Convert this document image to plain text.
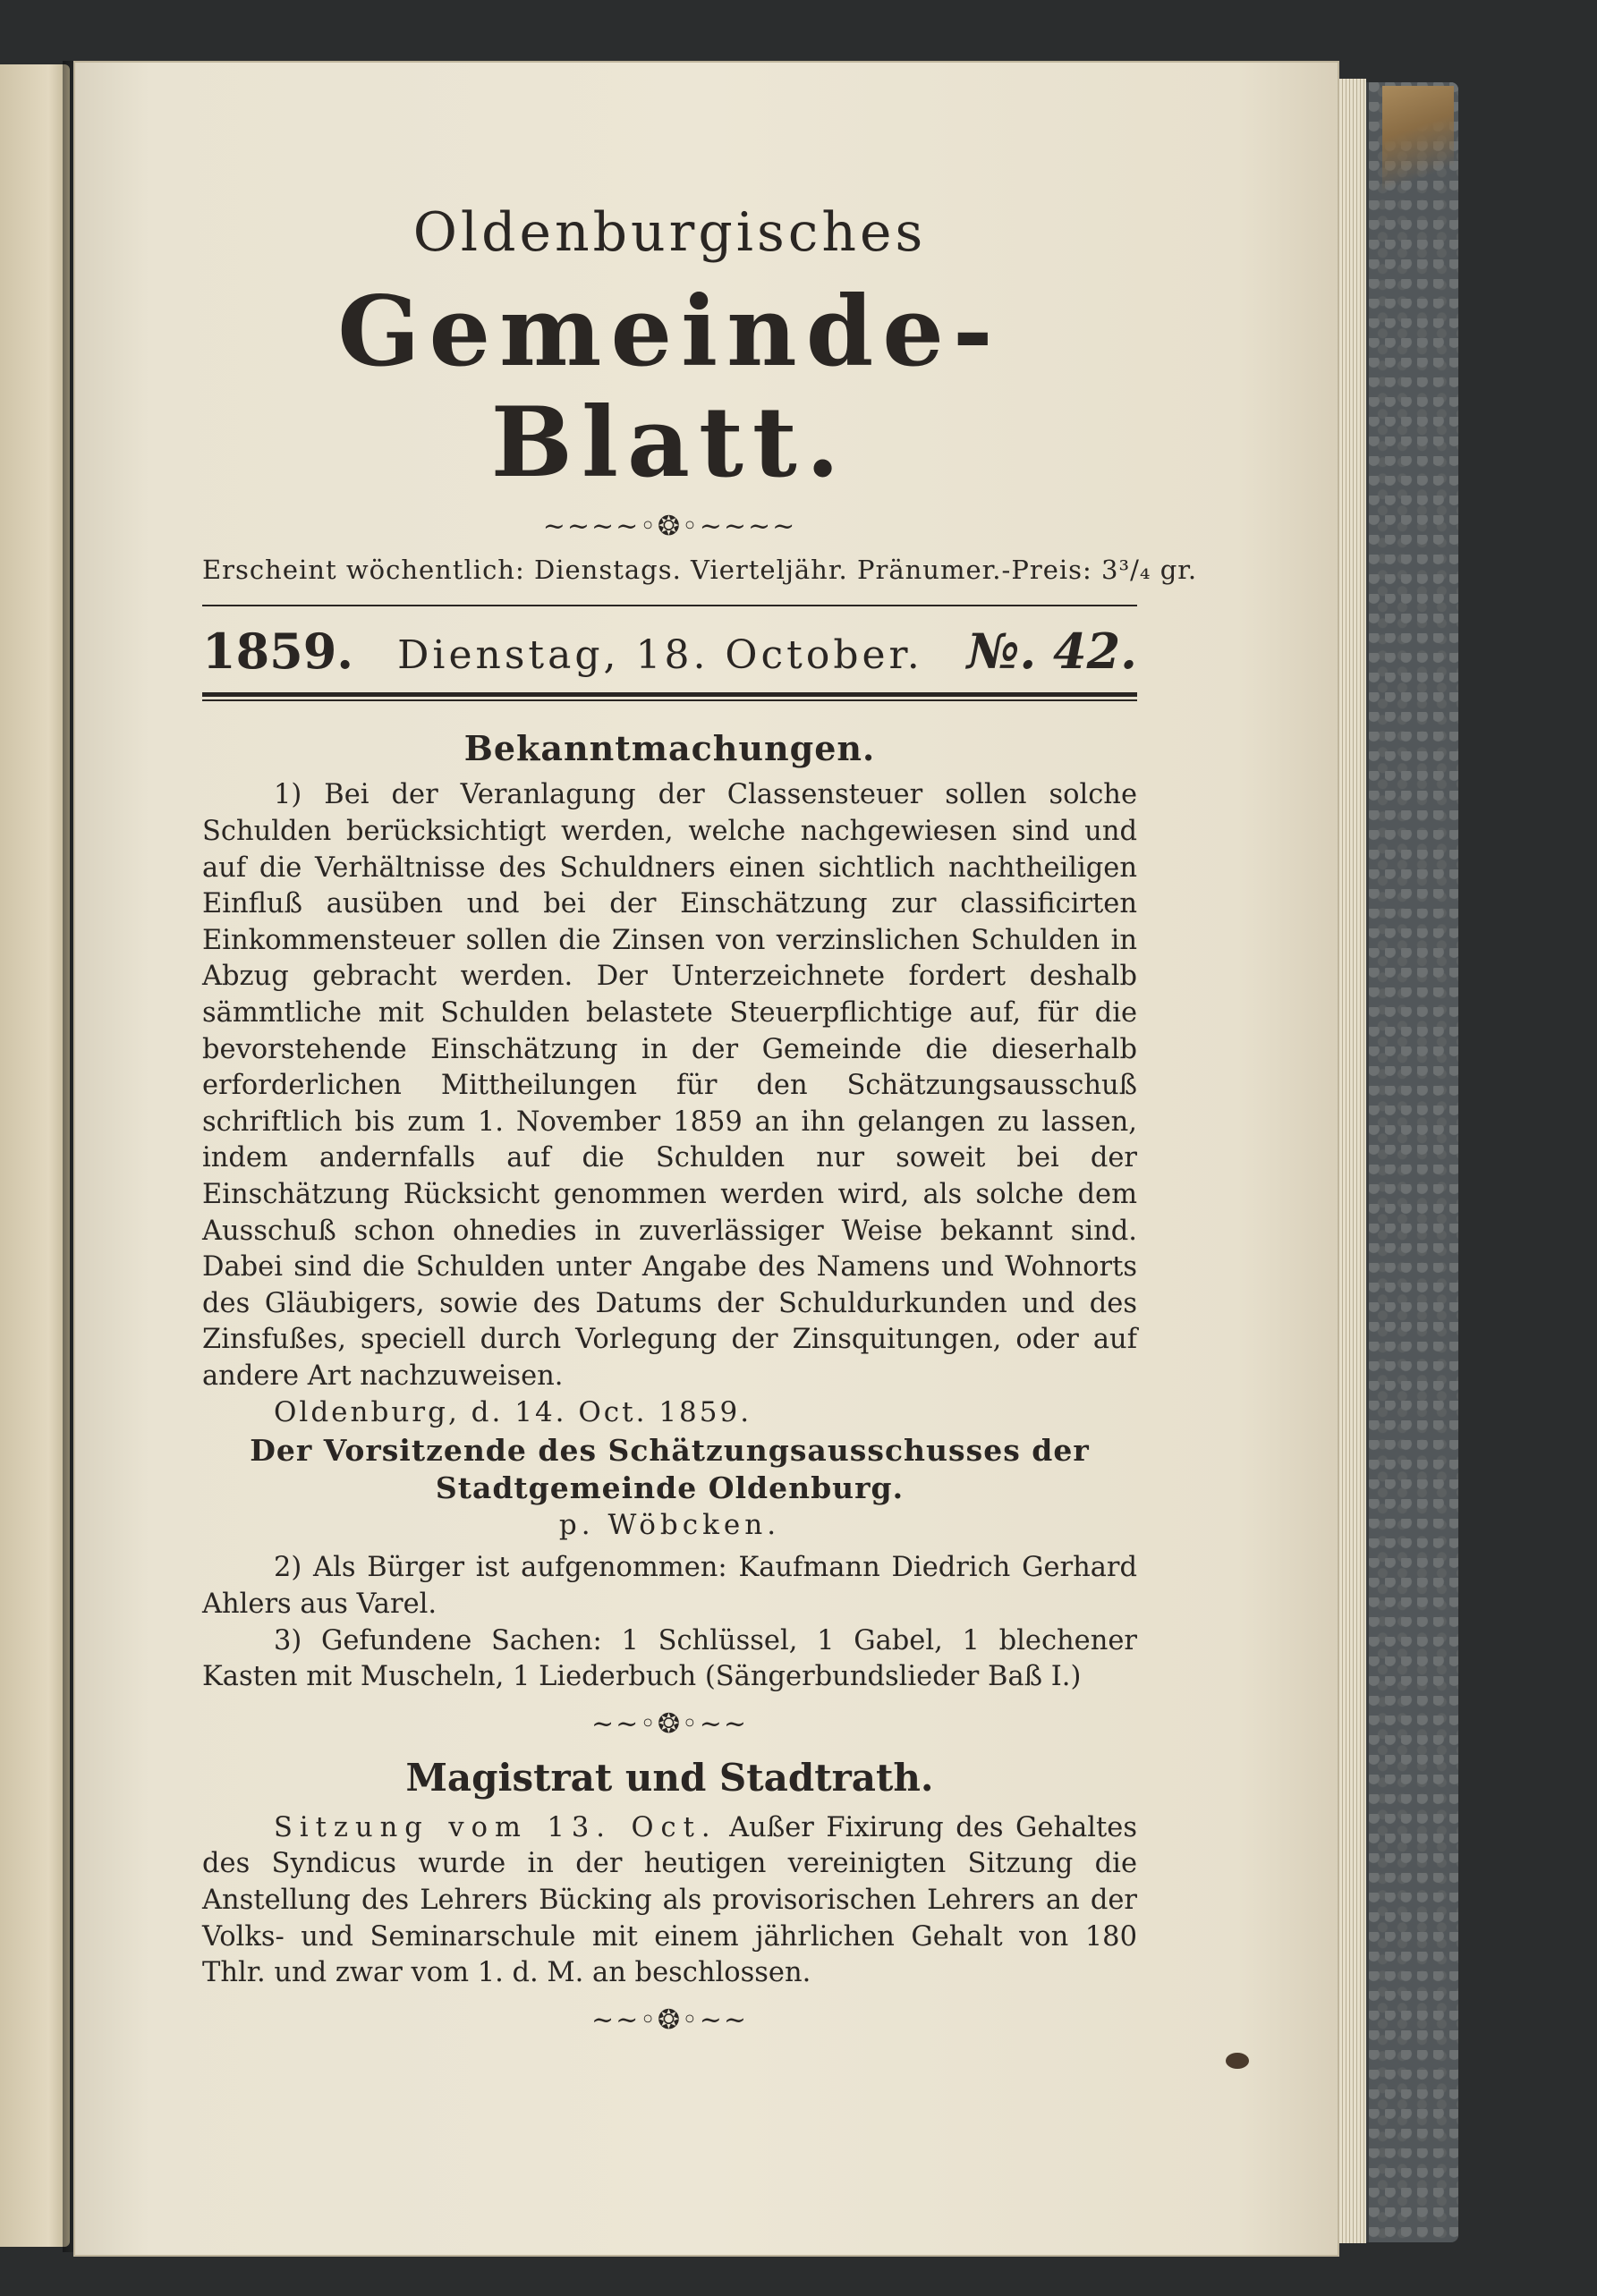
Oldenburgisches
Gemeinde-Blatt.
~~~~◦❂◦~~~~
Erscheint wöchentlich: Dienstags. Vierteljähr. Pränumer.-Preis: 3³/₄ gr.
1859. Dienstag, 18. October. №. 42.
Bekanntmachungen.

1) Bei der Veranlagung der Classensteuer sollen solche Schulden berücksichtigt werden, welche nachgewiesen sind und auf die Verhältnisse des Schuldners einen sichtlich nachtheiligen Einfluß ausüben und bei der Einschätzung zur classificirten Einkommensteuer sollen die Zinsen von verzinslichen Schulden in Abzug gebracht werden. Der Unterzeichnete fordert deshalb sämmtliche mit Schulden belastete Steuerpflichtige auf, für die bevorstehende Einschätzung in der Gemeinde die dieserhalb erforderlichen Mittheilungen für den Schätzungsausschuß schriftlich bis zum 1. November 1859 an ihn gelangen zu lassen, indem andernfalls auf die Schulden nur soweit bei der Einschätzung Rücksicht genommen werden wird, als solche dem Ausschuß schon ohnedies in zuverlässiger Weise bekannt sind. Dabei sind die Schulden unter Angabe des Namens und Wohnorts des Gläubigers, sowie des Datums der Schuldurkunden und des Zinsfußes, speciell durch Vorlegung der Zinsquitungen, oder auf andere Art nachzuweisen.

Oldenburg, d. 14. Oct. 1859.

Der Vorsitzende des Schätzungsausschusses der Stadtgemeinde Oldenburg.

p. Wöbcken.

2) Als Bürger ist aufgenommen: Kaufmann Diedrich Gerhard Ahlers aus Varel.

3) Gefundene Sachen: 1 Schlüssel, 1 Gabel, 1 blechener Kasten mit Muscheln, 1 Liederbuch (Sängerbundslieder Baß I.)

~~◦❂◦~~
Magistrat und Stadtrath.

Sitzung vom 13. Oct. Außer Fixirung des Gehaltes des Syndicus wurde in der heutigen vereinigten Sitzung die Anstellung des Lehrers Bücking als provisorischen Lehrers an der Volks- und Seminarschule mit einem jährlichen Gehalt von 180 Thlr. und zwar vom 1. d. M. an beschlossen.

~~◦❂◦~~
